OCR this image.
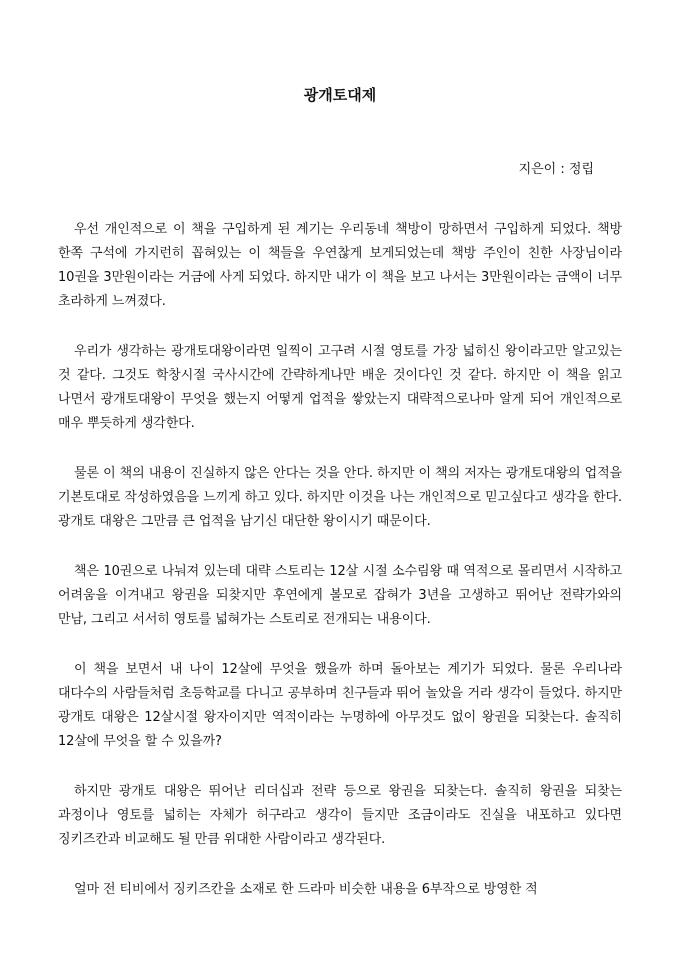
광개토대제
지은이 : 정립

우선 개인적으로 이 책을 구입하게 된 계기는 우리동네 책방이 망하면서 구입하게 되었다. 책방 한쪽 구석에 가지런히 꼽혀있는 이 책들을 우연찮게 보게되었는데 책방 주인이 친한 사장님이라 10권을 3만원이라는 거금에 사게 되었다. 하지만 내가 이 책을 보고 나서는 3만원이라는 금액이 너무 초라하게 느껴졌다.

우리가 생각하는 광개토대왕이라면 일찍이 고구려 시절 영토를 가장 넓히신 왕이라고만 알고있는 것 같다. 그것도 학창시절 국사시간에 간략하게나만 배운 것이다인 것 같다. 하지만 이 책을 읽고 나면서 광개토대왕이 무엇을 했는지 어떻게 업적을 쌓았는지 대략적으로나마 알게 되어 개인적으로 매우 뿌듯하게 생각한다.

물론 이 책의 내용이 진실하지 않은 안다는 것을 안다. 하지만 이 책의 저자는 광개토대왕의 업적을 기본토대로 작성하였음을 느끼게 하고 있다. 하지만 이것을 나는 개인적으로 믿고싶다고 생각을 한다.광개토 대왕은 그만큼 큰 업적을 남기신 대단한 왕이시기 때문이다.

책은 10권으로 나눠져 있는데 대략 스토리는 12살 시절 소수림왕 때 역적으로 몰리면서 시작하고 어려움을 이겨내고 왕권을 되찾지만 후연에게 볼모로 잡혀가 3년을 고생하고 뛰어난 전략가와의 만남, 그리고 서서히 영토를 넓혀가는 스토리로 전개되는 내용이다.

이 책을 보면서 내 나이 12살에 무엇을 했을까 하며 돌아보는 계기가 되었다. 물론 우리나라 대다수의 사람들처럼 초등학교를 다니고 공부하며 친구들과 뛰어 놀았을 거라 생각이 들었다. 하지만 광개토 대왕은 12살시절 왕자이지만 역적이라는 누명하에 아무것도 없이 왕권을 되찾는다. 솔직히 12살에 무엇을 할 수 있을까?

하지만 광개토 대왕은 뛰어난 리더십과 전략 등으로 왕권을 되찾는다. 솔직히 왕권을 되찾는 과정이나 영토를 넓히는 자체가 허구라고 생각이 들지만 조금이라도 진실을 내포하고 있다면 징키즈칸과 비교해도 될 만큼 위대한 사람이라고 생각된다.

얼마 전 티비에서 징키즈칸을 소재로 한 드라마 비슷한 내용을 6부작으로 방영한 적
